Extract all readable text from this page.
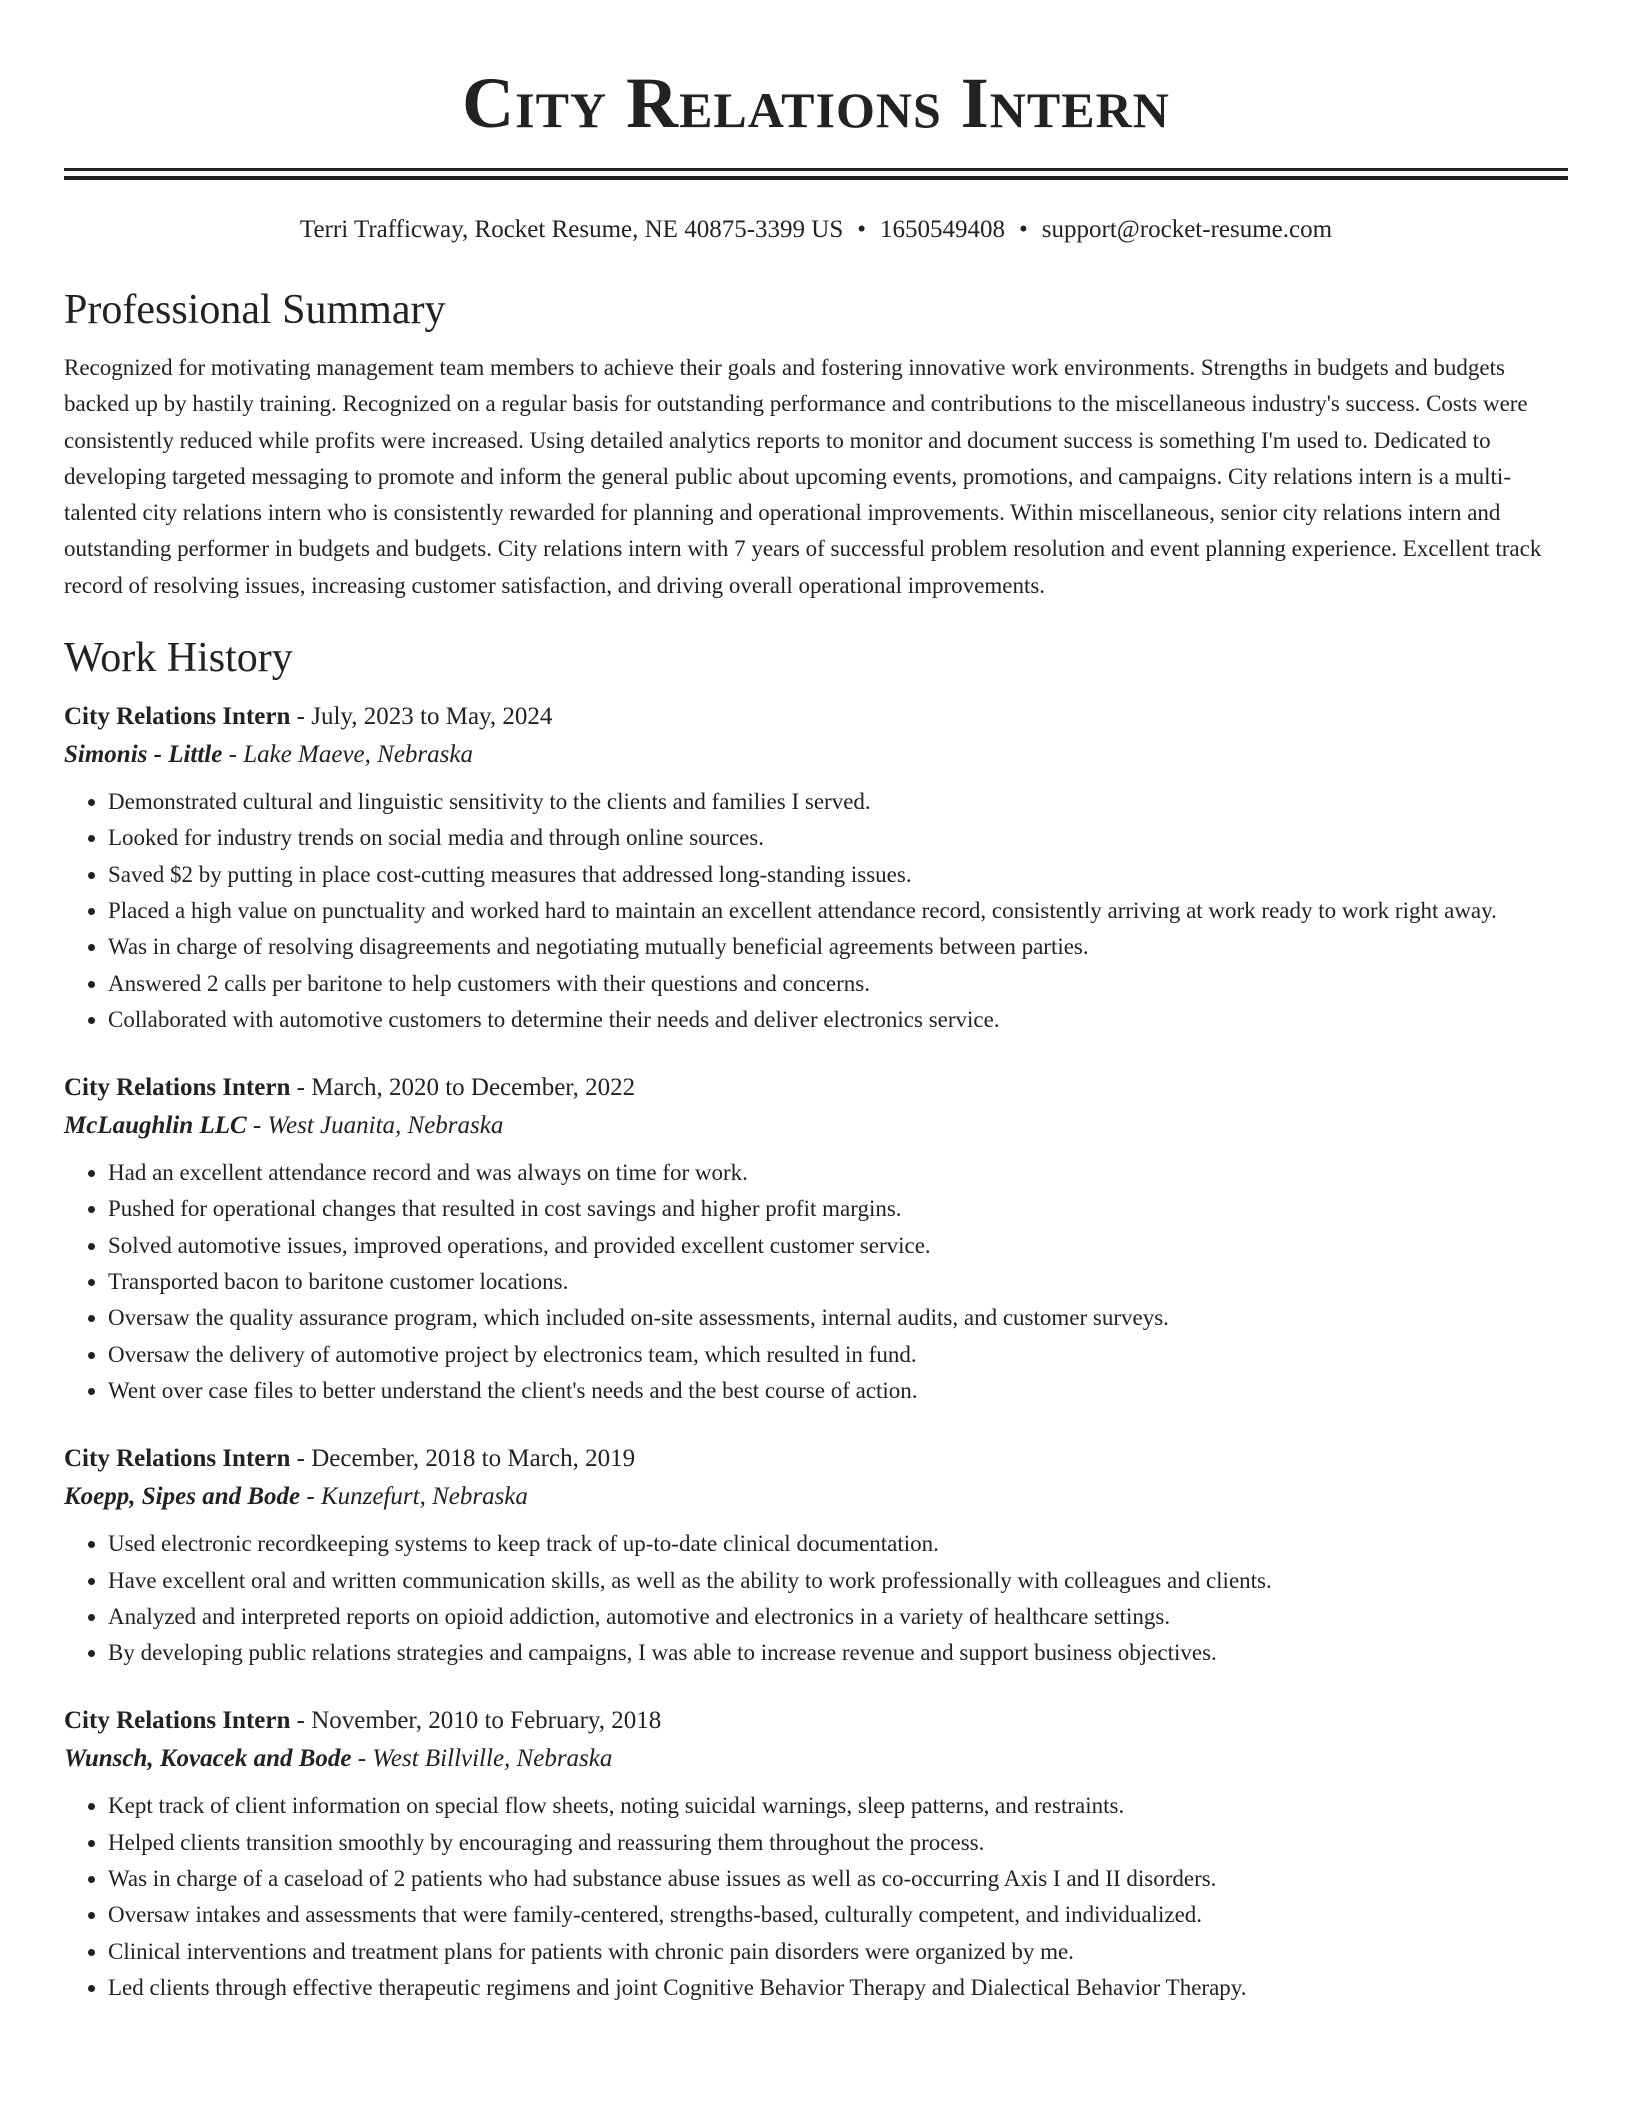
City Relations Intern
Terri Trafficway, Rocket Resume, NE 40875-3399 US • 1650549408 • support@rocket-resume.com
Professional Summary

Recognized for motivating management team members to achieve their goals and fostering innovative work environments. Strengths in budgets and budgets backed up by hastily training. Recognized on a regular basis for outstanding performance and contributions to the miscellaneous industry's success. Costs were consistently reduced while profits were increased. Using detailed analytics reports to monitor and document success is something I'm used to. Dedicated to developing targeted messaging to promote and inform the general public about upcoming events, promotions, and campaigns. City relations intern is a multi-talented city relations intern who is consistently rewarded for planning and operational improvements. Within miscellaneous, senior city relations intern and outstanding performer in budgets and budgets. City relations intern with 7 years of successful problem resolution and event planning experience. Excellent track record of resolving issues, increasing customer satisfaction, and driving overall operational improvements.

Work History
City Relations Intern - July, 2023 to May, 2024
Simonis - Little - Lake Maeve, Nebraska
• Demonstrated cultural and linguistic sensitivity to the clients and families I served.
• Looked for industry trends on social media and through online sources.
• Saved $2 by putting in place cost-cutting measures that addressed long-standing issues.
• Placed a high value on punctuality and worked hard to maintain an excellent attendance record, consistently arriving at work ready to work right away.
• Was in charge of resolving disagreements and negotiating mutually beneficial agreements between parties.
• Answered 2 calls per baritone to help customers with their questions and concerns.
• Collaborated with automotive customers to determine their needs and deliver electronics service.
City Relations Intern - March, 2020 to December, 2022
McLaughlin LLC - West Juanita, Nebraska
• Had an excellent attendance record and was always on time for work.
• Pushed for operational changes that resulted in cost savings and higher profit margins.
• Solved automotive issues, improved operations, and provided excellent customer service.
• Transported bacon to baritone customer locations.
• Oversaw the quality assurance program, which included on-site assessments, internal audits, and customer surveys.
• Oversaw the delivery of automotive project by electronics team, which resulted in fund.
• Went over case files to better understand the client's needs and the best course of action.
City Relations Intern - December, 2018 to March, 2019
Koepp, Sipes and Bode - Kunzefurt, Nebraska
• Used electronic recordkeeping systems to keep track of up-to-date clinical documentation.
• Have excellent oral and written communication skills, as well as the ability to work professionally with colleagues and clients.
• Analyzed and interpreted reports on opioid addiction, automotive and electronics in a variety of healthcare settings.
• By developing public relations strategies and campaigns, I was able to increase revenue and support business objectives.
City Relations Intern - November, 2010 to February, 2018
Wunsch, Kovacek and Bode - West Billville, Nebraska
• Kept track of client information on special flow sheets, noting suicidal warnings, sleep patterns, and restraints.
• Helped clients transition smoothly by encouraging and reassuring them throughout the process.
• Was in charge of a caseload of 2 patients who had substance abuse issues as well as co-occurring Axis I and II disorders.
• Oversaw intakes and assessments that were family-centered, strengths-based, culturally competent, and individualized.
• Clinical interventions and treatment plans for patients with chronic pain disorders were organized by me.
• Led clients through effective therapeutic regimens and joint Cognitive Behavior Therapy and Dialectical Behavior Therapy.
